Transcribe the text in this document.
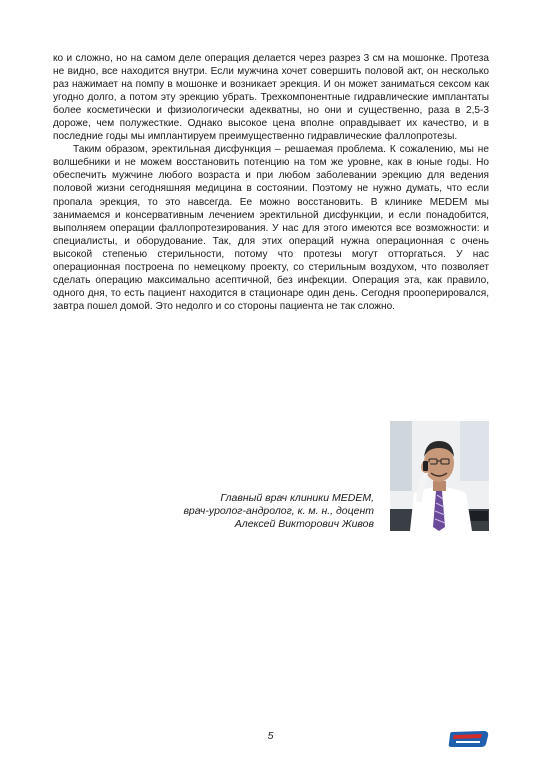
ко и сложно, но на самом деле операция делается через разрез 3 см на мошонке. Протеза не видно, все находится внутри. Если мужчина хочет совершить половой акт, он несколько раз нажимает на помпу в мошонке и возникает эрекция. И он может заниматься сексом как угодно долго, а потом эту эрекцию убрать. Трехкомпонентные гидравлические имплантаты более косметически и физиологически адекватны, но они и существенно, раза в 2,5-3 дороже, чем полужесткие. Однако высокое цена вполне оправдывает их качество, и в последние годы мы имплантируем преимущественно гидравлические фаллопротезы.

Таким образом, эректильная дисфункция – решаемая проблема. К сожалению, мы не волшебники и не можем восстановить потенцию на том же уровне, как в юные годы. Но обеспечить мужчине любого возраста и при любом заболевании эрекцию для ведения половой жизни сегодняшняя медицина в состоянии. Поэтому не нужно думать, что если пропала эрекция, то это навсегда. Ее можно восстановить. В клинике MEDEM мы занимаемся и консервативным лечением эректильной дисфункции, и если понадобится, выполняем операции фаллопротезирования. У нас для этого имеются все возможности: и специалисты, и оборудование. Так, для этих операций нужна операционная с очень высокой степенью стерильности, потому что протезы могут отторгаться. У нас операционная построена по немецкому проекту, со стерильным воздухом, что позволяет сделать операцию максимально асептичной, без инфекции. Операция эта, как правило, одного дня, то есть пациент находится в стационаре один день. Сегодня прооперировался, завтра пошел домой. Это недолго и со стороны пациента не так сложно.

Главный врач клиники MEDEM,
врач-уролог-андролог, к. м. н., доцент
Алексей Викторович Живов
5
